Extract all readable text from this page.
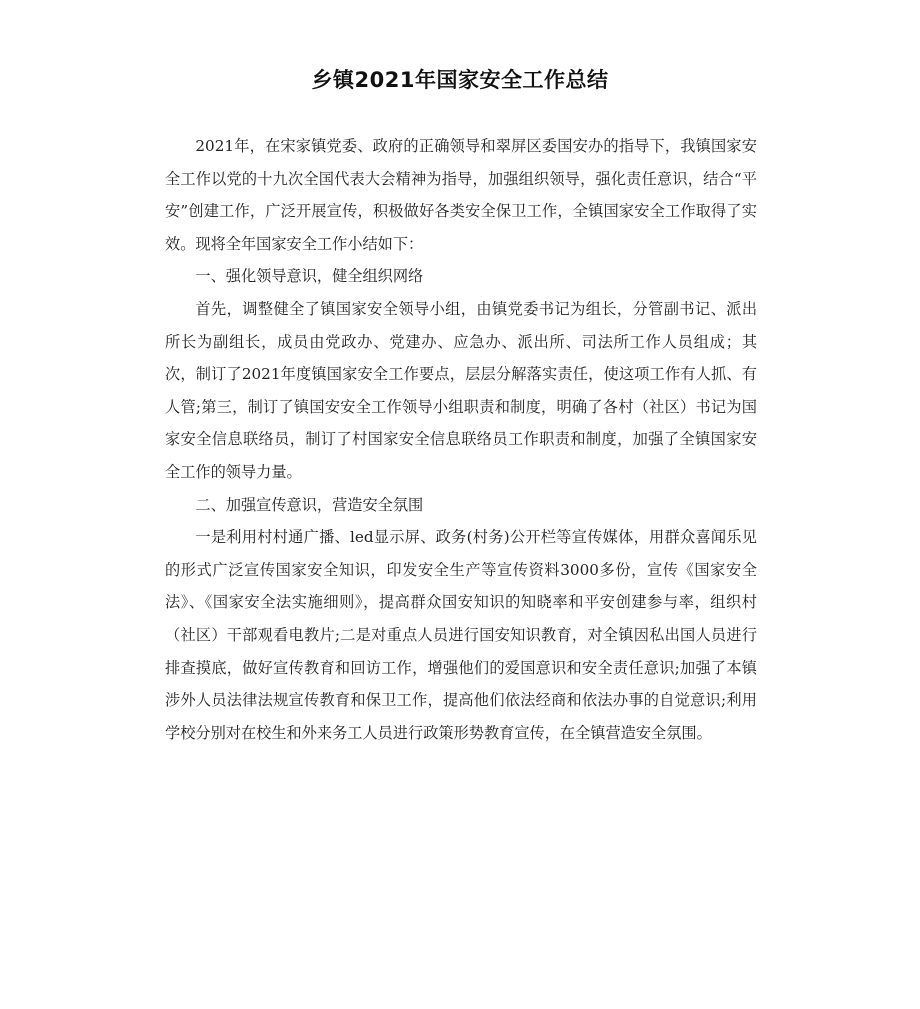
乡镇2021年国家安全工作总结

2021年，在宋家镇党委、政府的正确领导和翠屏区委国安办的指导下，我镇国家安全工作以党的十九次全国代表大会精神为指导，加强组织领导，强化责任意识，结合“平安”创建工作，广泛开展宣传，积极做好各类安全保卫工作，全镇国家安全工作取得了实效。现将全年国家安全工作小结如下：

一、强化领导意识，健全组织网络

首先，调整健全了镇国家安全领导小组，由镇党委书记为组长，分管副书记、派出所长为副组长，成员由党政办、党建办、应急办、派出所、司法所工作人员组成；其次，制订了2021年度镇国家安全工作要点，层层分解落实责任，使这项工作有人抓、有人管;第三，制订了镇国安安全工作领导小组职责和制度，明确了各村（社区）书记为国家安全信息联络员，制订了村国家安全信息联络员工作职责和制度，加强了全镇国家安全工作的领导力量。

二、加强宣传意识，营造安全氛围

一是利用村村通广播、led显示屏、政务(村务)公开栏等宣传媒体，用群众喜闻乐见的形式广泛宣传国家安全知识，印发安全生产等宣传资料3000多份，宣传《国家安全法》、《国家安全法实施细则》，提高群众国安知识的知晓率和平安创建参与率，组织村（社区）干部观看电教片;二是对重点人员进行国安知识教育，对全镇因私出国人员进行排查摸底，做好宣传教育和回访工作，增强他们的爱国意识和安全责任意识;加强了本镇涉外人员法律法规宣传教育和保卫工作，提高他们依法经商和依法办事的自觉意识;利用学校分别对在校生和外来务工人员进行政策形势教育宣传，在全镇营造安全氛围。
